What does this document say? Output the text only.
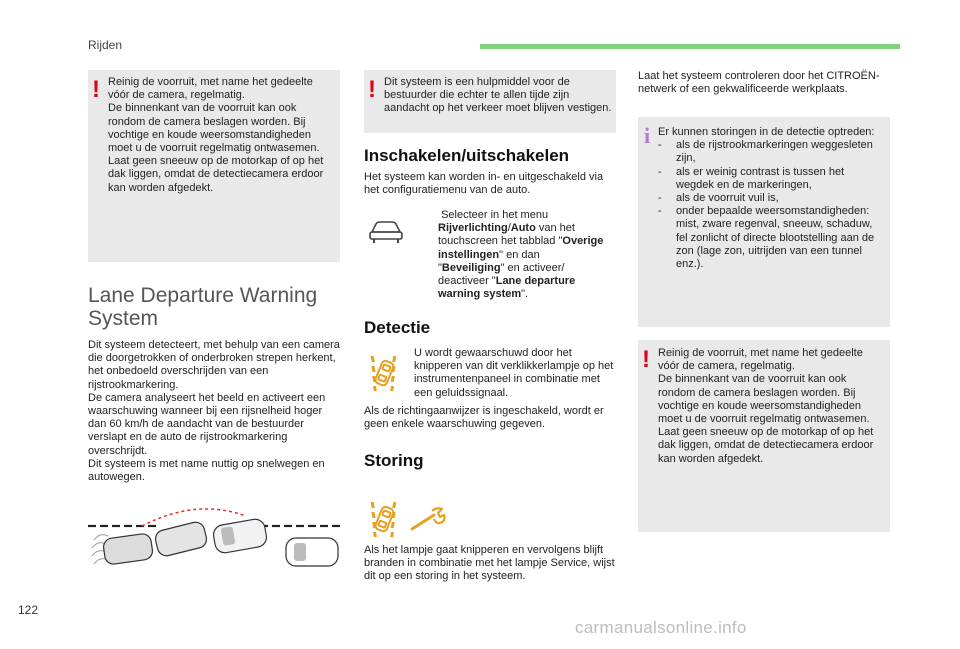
Rijden
122
carmanualsonline.info
! Reinig de voorruit, met name het gedeelte vóór de camera, regelmatig.

De binnenkant van de voorruit kan ook rondom de camera beslagen worden. Bij vochtige en koude weersomstandigheden moet u de voorruit regelmatig ontwasemen.

Laat geen sneeuw op de motorkap of op het dak liggen, omdat de detectiecamera erdoor kan worden afgedekt.

Lane Departure Warning
System

Dit systeem detecteert, met behulp van een camera die doorgetrokken of onderbroken strepen herkent, het onbedoeld overschrijden van een rijstrookmarkering.

De camera analyseert het beeld en activeert een waarschuwing wanneer bij een rijsnelheid hoger dan 60 km/h de aandacht van de bestuurder verslapt en de auto de rijstrookmarkering overschrijdt.

Dit systeem is met name nuttig op snelwegen en autowegen.

! Dit systeem is een hulpmiddel voor de bestuurder die echter te allen tijde zijn aandacht op het verkeer moet blijven vestigen.

Inschakelen/uitschakelen

Het systeem kan worden in- en uitgeschakeld via het configuratiemenu van de auto.

Selecteer in het menu Rijverlichting/Auto van het touchscreen het tabblad "Overige instellingen" en dan "Beveiliging" en activeer/ deactiveer "Lane departure warning system".

Detectie

U wordt gewaarschuwd door het knipperen van dit verklikkerlampje op het instrumentenpaneel in combinatie met een geluidssignaal.

Als de richtingaanwijzer is ingeschakeld, wordt er geen enkele waarschuwing gegeven.

Storing

Als het lampje gaat knipperen en vervolgens blijft branden in combinatie met het lampje Service, wijst dit op een storing in het systeem.

Laat het systeem controleren door het CITROËN-netwerk of een gekwalificeerde werkplaats.

i Er kunnen storingen in de detectie optreden:

- als de rijstrookmarkeringen weggesleten zijn,
- als er weinig contrast is tussen het wegdek en de markeringen,
- als de voorruit vuil is,
- onder bepaalde weersomstandigheden: mist, zware regenval, sneeuw, schaduw, fel zonlicht of directe blootstelling aan de zon (lage zon, uitrijden van een tunnel enz.).
! Reinig de voorruit, met name het gedeelte vóór de camera, regelmatig.

De binnenkant van de voorruit kan ook rondom de camera beslagen worden. Bij vochtige en koude weersomstandigheden moet u de voorruit regelmatig ontwasemen.

Laat geen sneeuw op de motorkap of op het dak liggen, omdat de detectiecamera erdoor kan worden afgedekt.
